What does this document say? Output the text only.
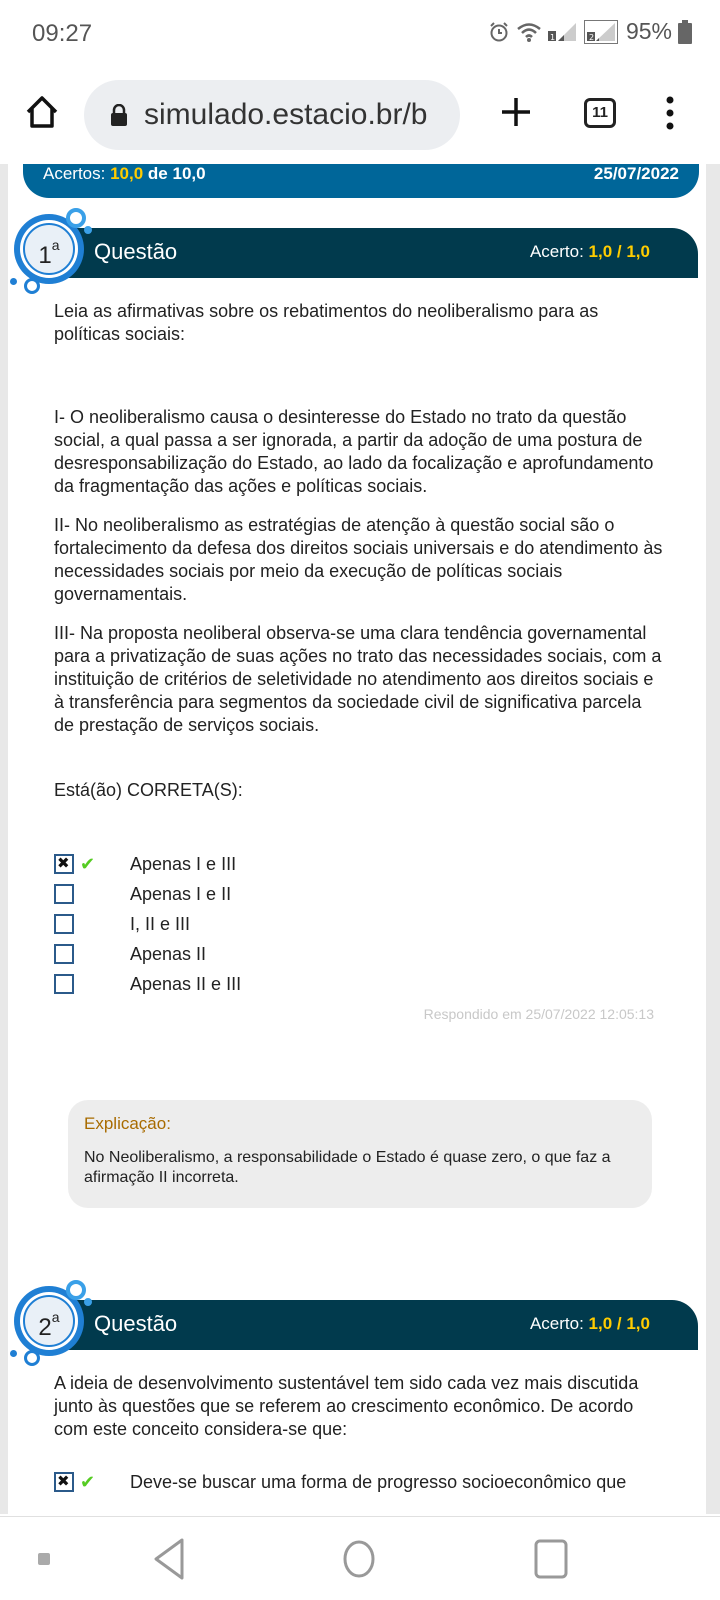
09:27	1	2 95%
simulado.estacio.br/b	11
Acertos: 10,0 de 10,0	25/07/2022
Questão	Acerto: 1,0 / 1,0
1$^a$

Leia as afirmativas sobre os rebatimentos do neoliberalismo para as políticas sociais:

I- O neoliberalismo causa o desinteresse do Estado no trato da questão social, a qual passa a ser ignorada, a partir da adoção de uma postura de desresponsabilização do Estado, ao lado da focalização e aprofundamento da fragmentação das ações e políticas sociais.

II- No neoliberalismo as estratégias de atenção à questão social são o fortalecimento da defesa dos direitos sociais universais e do atendimento às necessidades sociais por meio da execução de políticas sociais governamentais.

III- Na proposta neoliberal observa-se uma clara tendência governamental para a privatização de suas ações no trato das necessidades sociais, com a instituição de critérios de seletividade no atendimento aos direitos sociais e à transferência para segmentos da sociedade civil de significativa parcela de prestação de serviços sociais.

Está(ão) CORRETA(S):

✖
✔ Apenas I e III
Apenas I e II
I, II e III
Apenas II
Apenas II e III
Respondido em 25/07/2022 12:05:13
Explicação:
No Neoliberalismo, a responsabilidade o Estado é quase zero, o que faz a afirmação II incorreta.
Questão	Acerto: 1,0 / 1,0
2$^a$

A ideia de desenvolvimento sustentável tem sido cada vez mais discutida junto às questões que se referem ao crescimento econômico. De acordo com este conceito considera-se que:

✖
✔ Deve-se buscar uma forma de progresso socioeconômico que
